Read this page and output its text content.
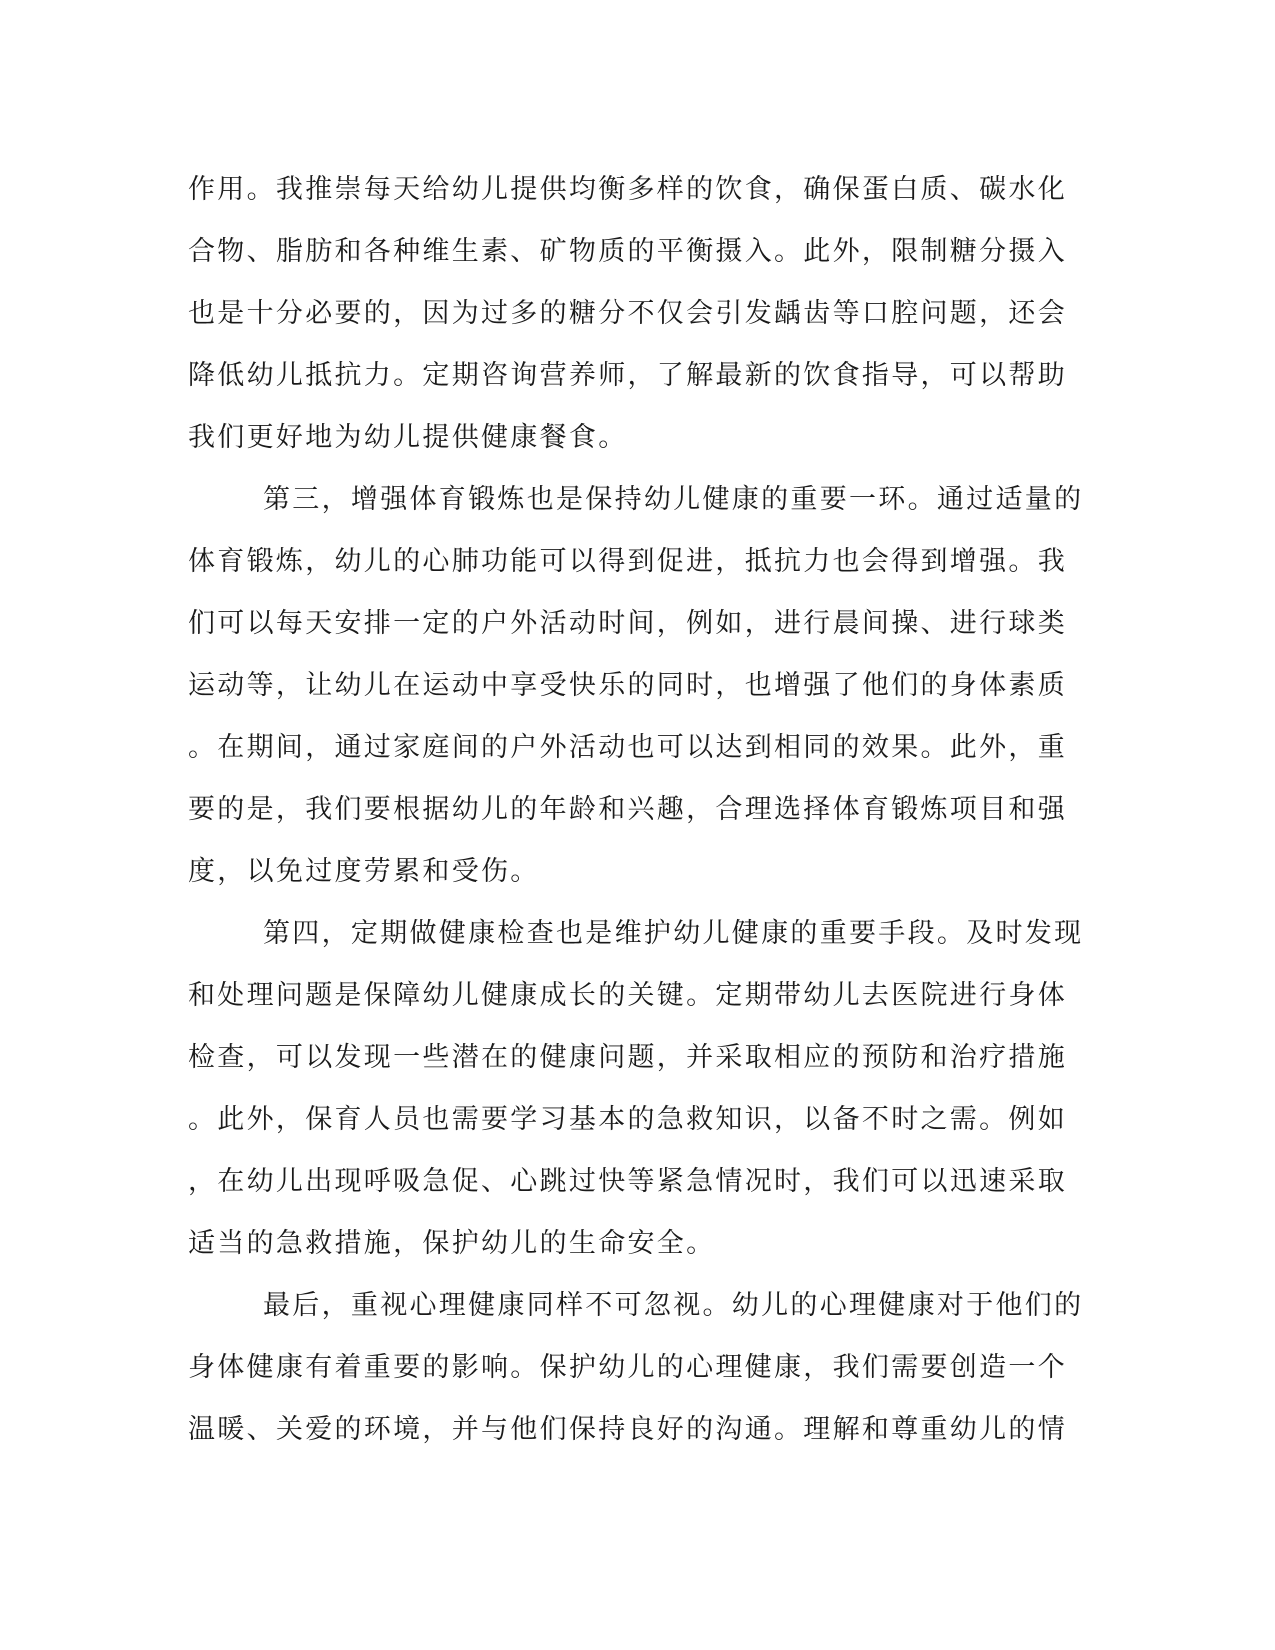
作用。我推崇每天给幼儿提供均衡多样的饮食，确保蛋白质、碳水化
合物、脂肪和各种维生素、矿物质的平衡摄入。此外，限制糖分摄入
也是十分必要的，因为过多的糖分不仅会引发龋齿等口腔问题，还会
降低幼儿抵抗力。定期咨询营养师，了解最新的饮食指导，可以帮助
我们更好地为幼儿提供健康餐食。
第三，增强体育锻炼也是保持幼儿健康的重要一环。通过适量的
体育锻炼，幼儿的心肺功能可以得到促进，抵抗力也会得到增强。我
们可以每天安排一定的户外活动时间，例如，进行晨间操、进行球类
运动等，让幼儿在运动中享受快乐的同时，也增强了他们的身体素质
。在期间，通过家庭间的户外活动也可以达到相同的效果。此外，重
要的是，我们要根据幼儿的年龄和兴趣，合理选择体育锻炼项目和强
度，以免过度劳累和受伤。
第四，定期做健康检查也是维护幼儿健康的重要手段。及时发现
和处理问题是保障幼儿健康成长的关键。定期带幼儿去医院进行身体
检查，可以发现一些潜在的健康问题，并采取相应的预防和治疗措施
。此外，保育人员也需要学习基本的急救知识，以备不时之需。例如
，在幼儿出现呼吸急促、心跳过快等紧急情况时，我们可以迅速采取
适当的急救措施，保护幼儿的生命安全。
最后，重视心理健康同样不可忽视。幼儿的心理健康对于他们的
身体健康有着重要的影响。保护幼儿的心理健康，我们需要创造一个
温暖、关爱的环境，并与他们保持良好的沟通。理解和尊重幼儿的情
